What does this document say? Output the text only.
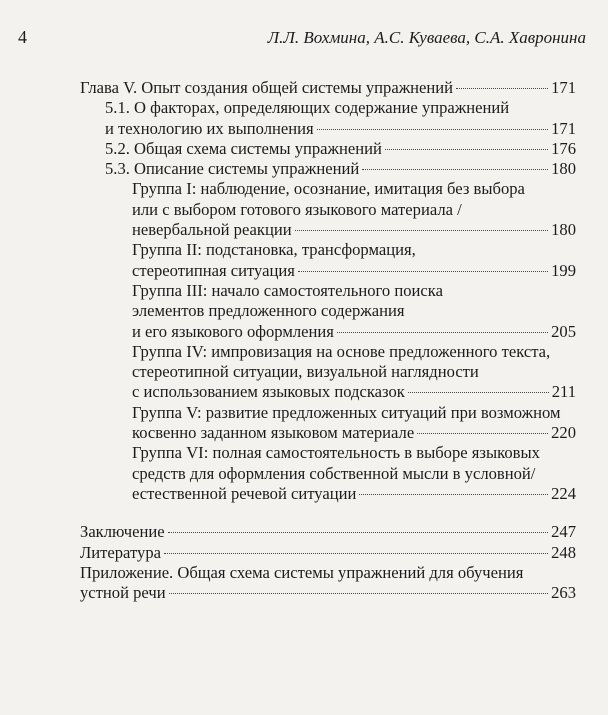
4	Л.Л. Вохмина, А.С. Куваева, С.А. Хавронина
Глава V. Опыт создания общей системы упражнений	171
5.1. О факторах, определяющих содержание упражнений
и технологию их выполнения	171
5.2. Общая схема системы упражнений	176
5.3. Описание системы упражнений	180
Группа I: наблюдение, осознание, имитация без выбора
или с выбором готового языкового материала /
невербальной реакции	180
Группа II: подстановка, трансформация,
стереотипная ситуация	199
Группа III: начало самостоятельного поиска
элементов предложенного содержания
и его языкового оформления	205
Группа IV: импровизация на основе предложенного текста,
стереотипной ситуации, визуальной наглядности
с использованием языковых подсказок	211
Группа V: развитие предложенных ситуаций при возможном
косвенно заданном языковом материале	220
Группа VI: полная самостоятельность в выборе языковых
средств для оформления собственной мысли в условной/
естественной речевой ситуации	224
Заключение	247
Литература	248
Приложение. Общая схема системы упражнений для обучения
устной речи	263
